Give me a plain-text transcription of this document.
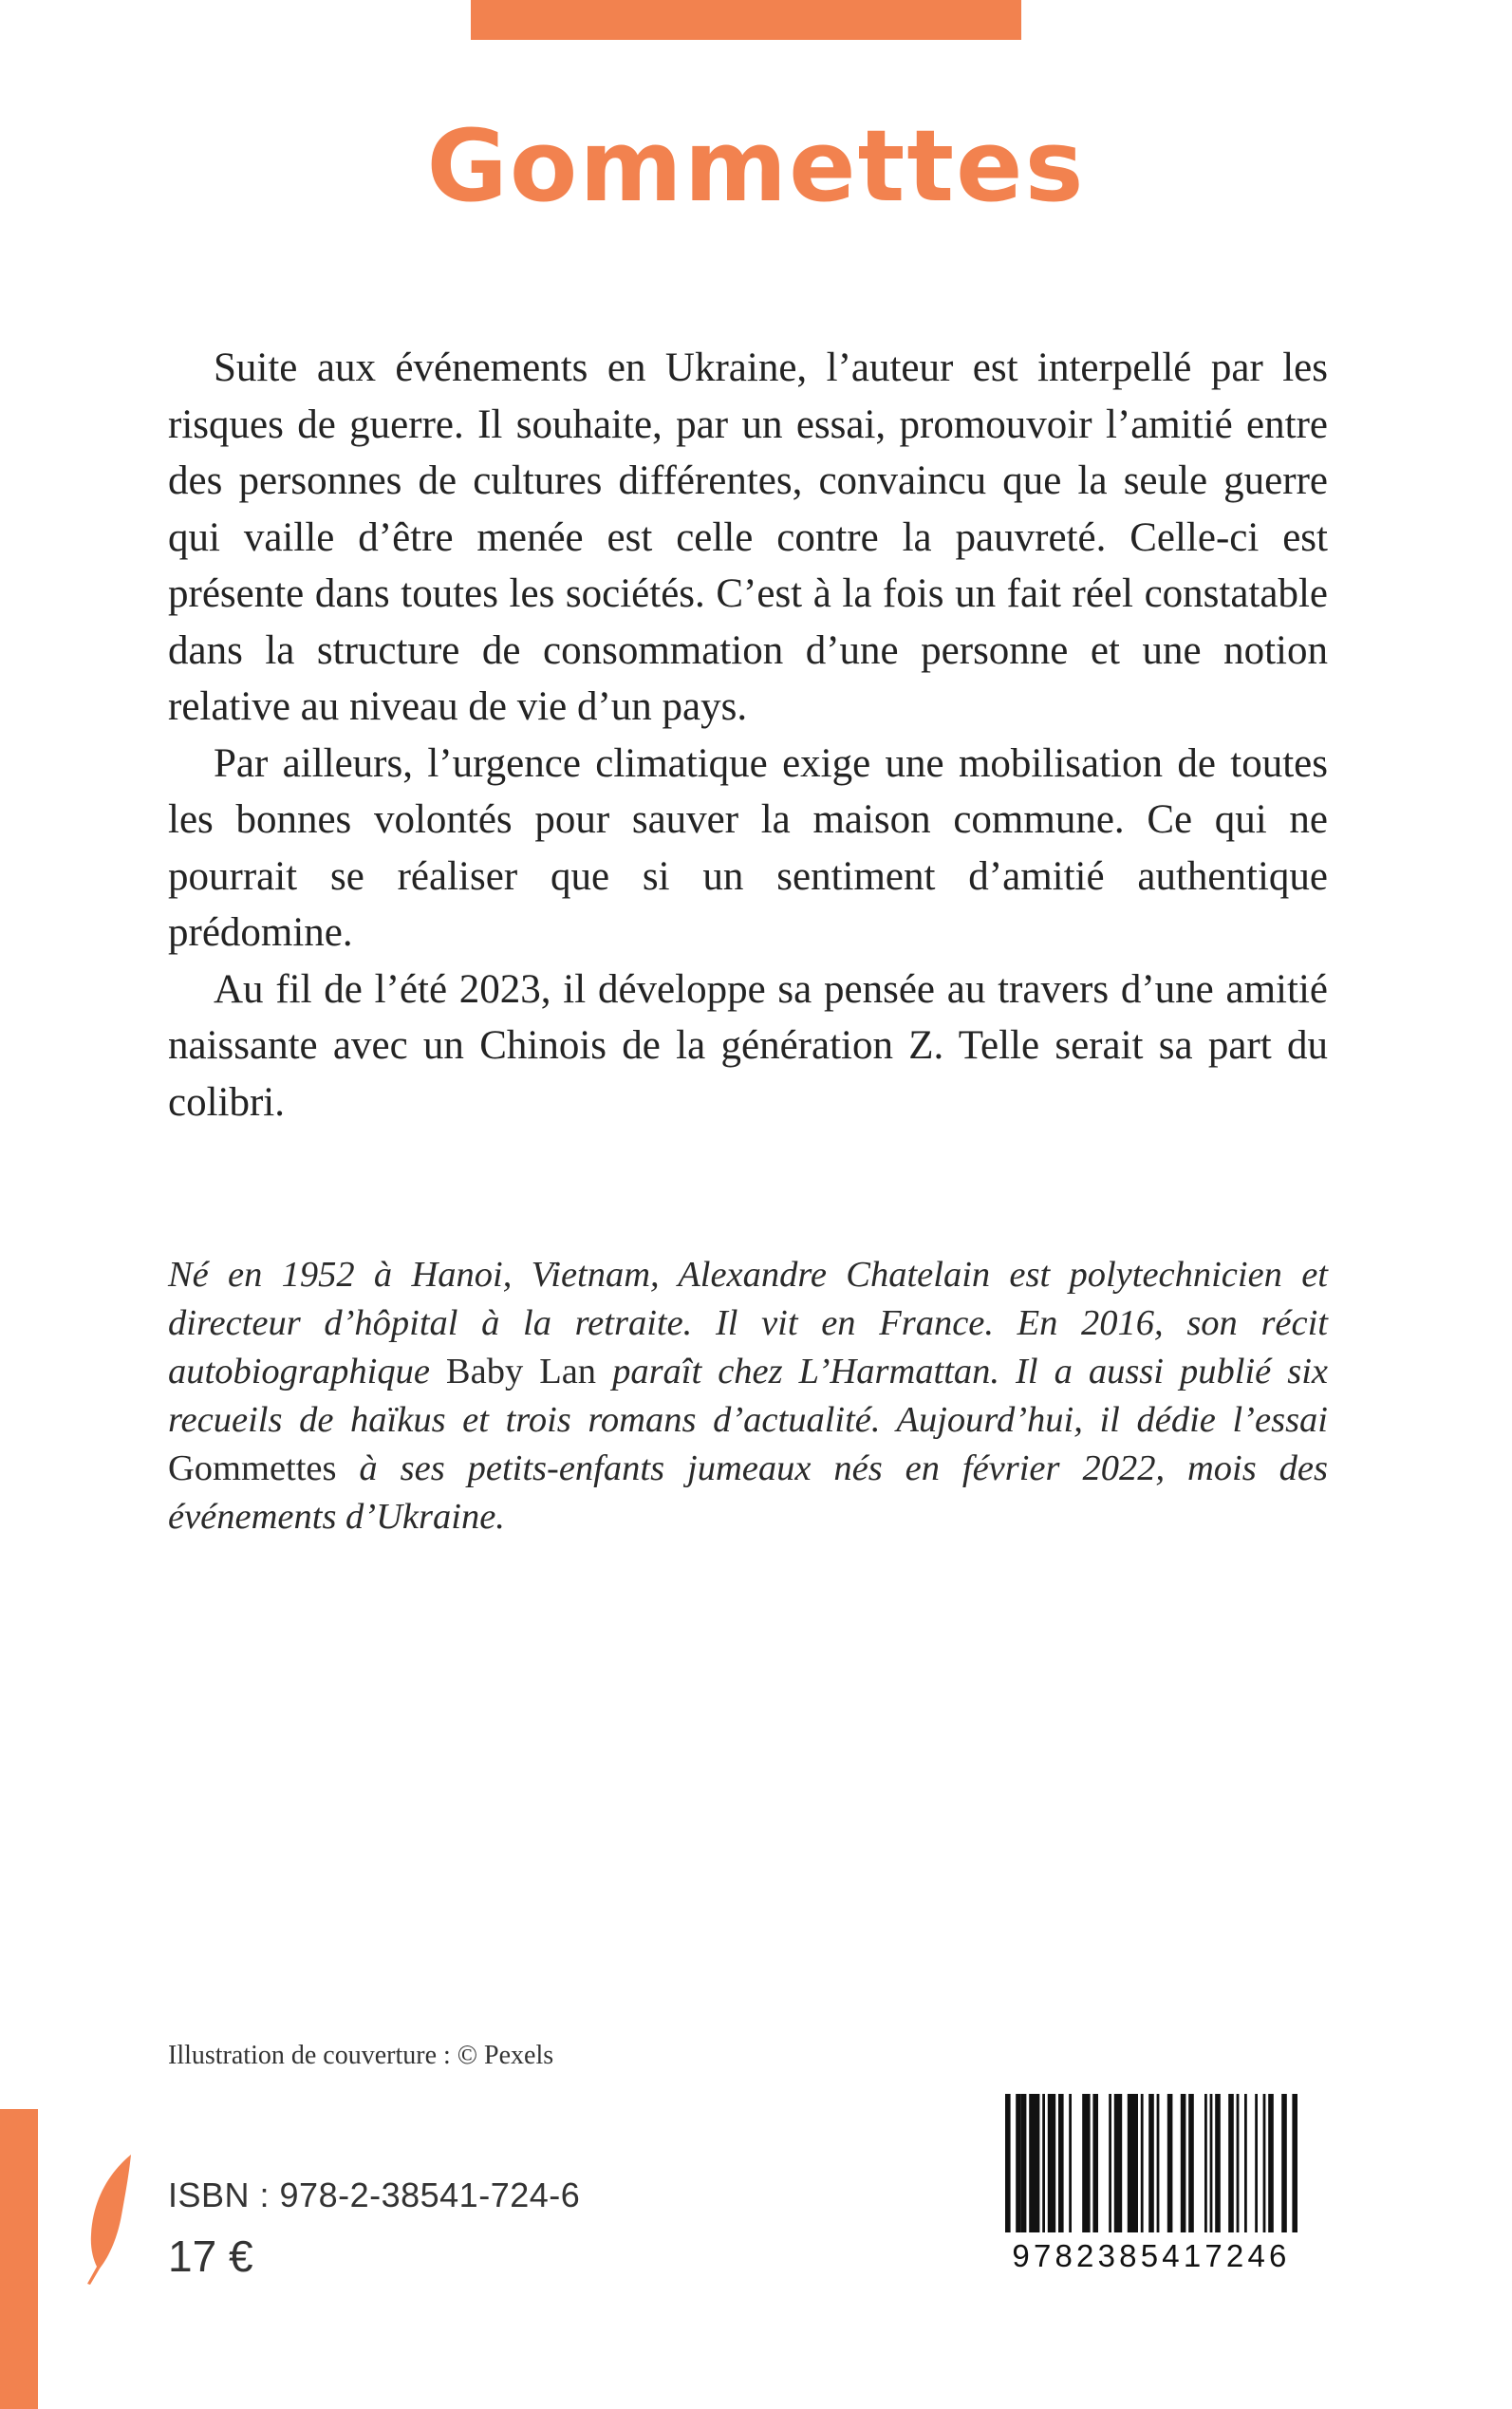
Gommettes

Suite aux événements en Ukraine, l’auteur est interpellé par les risques de guerre. Il souhaite, par un essai, promouvoir l’amitié entre des personnes de cultures différentes, convaincu que la seule guerre qui vaille d’être menée est celle contre la pauvreté. Celle-ci est présente dans toutes les sociétés. C’est à la fois un fait réel constatable dans la structure de consommation d’une personne et une notion relative au niveau de vie d’un pays.

Par ailleurs, l’urgence climatique exige une mobilisation de toutes les bonnes volontés pour sauver la maison commune. Ce qui ne pourrait se réaliser que si un sentiment d’amitié authentique prédomine.

Au fil de l’été 2023, il développe sa pensée au travers d’une amitié naissante avec un Chinois de la génération Z. Telle serait sa part du colibri.

Né en 1952 à Hanoi, Vietnam, Alexandre Chatelain est polytechnicien et directeur d’hôpital à la retraite. Il vit en France. En 2016, son récit autobiographique Baby Lan paraît chez L’Harmattan. Il a aussi publié six recueils de haïkus et trois romans d’actualité. Aujourd’hui, il dédie l’essai Gommettes à ses petits-enfants jumeaux nés en février 2022, mois des événements d’Ukraine.
Illustration de couverture : © Pexels
ISBN : 978-2-38541-724-6
17 €	9782385417246
